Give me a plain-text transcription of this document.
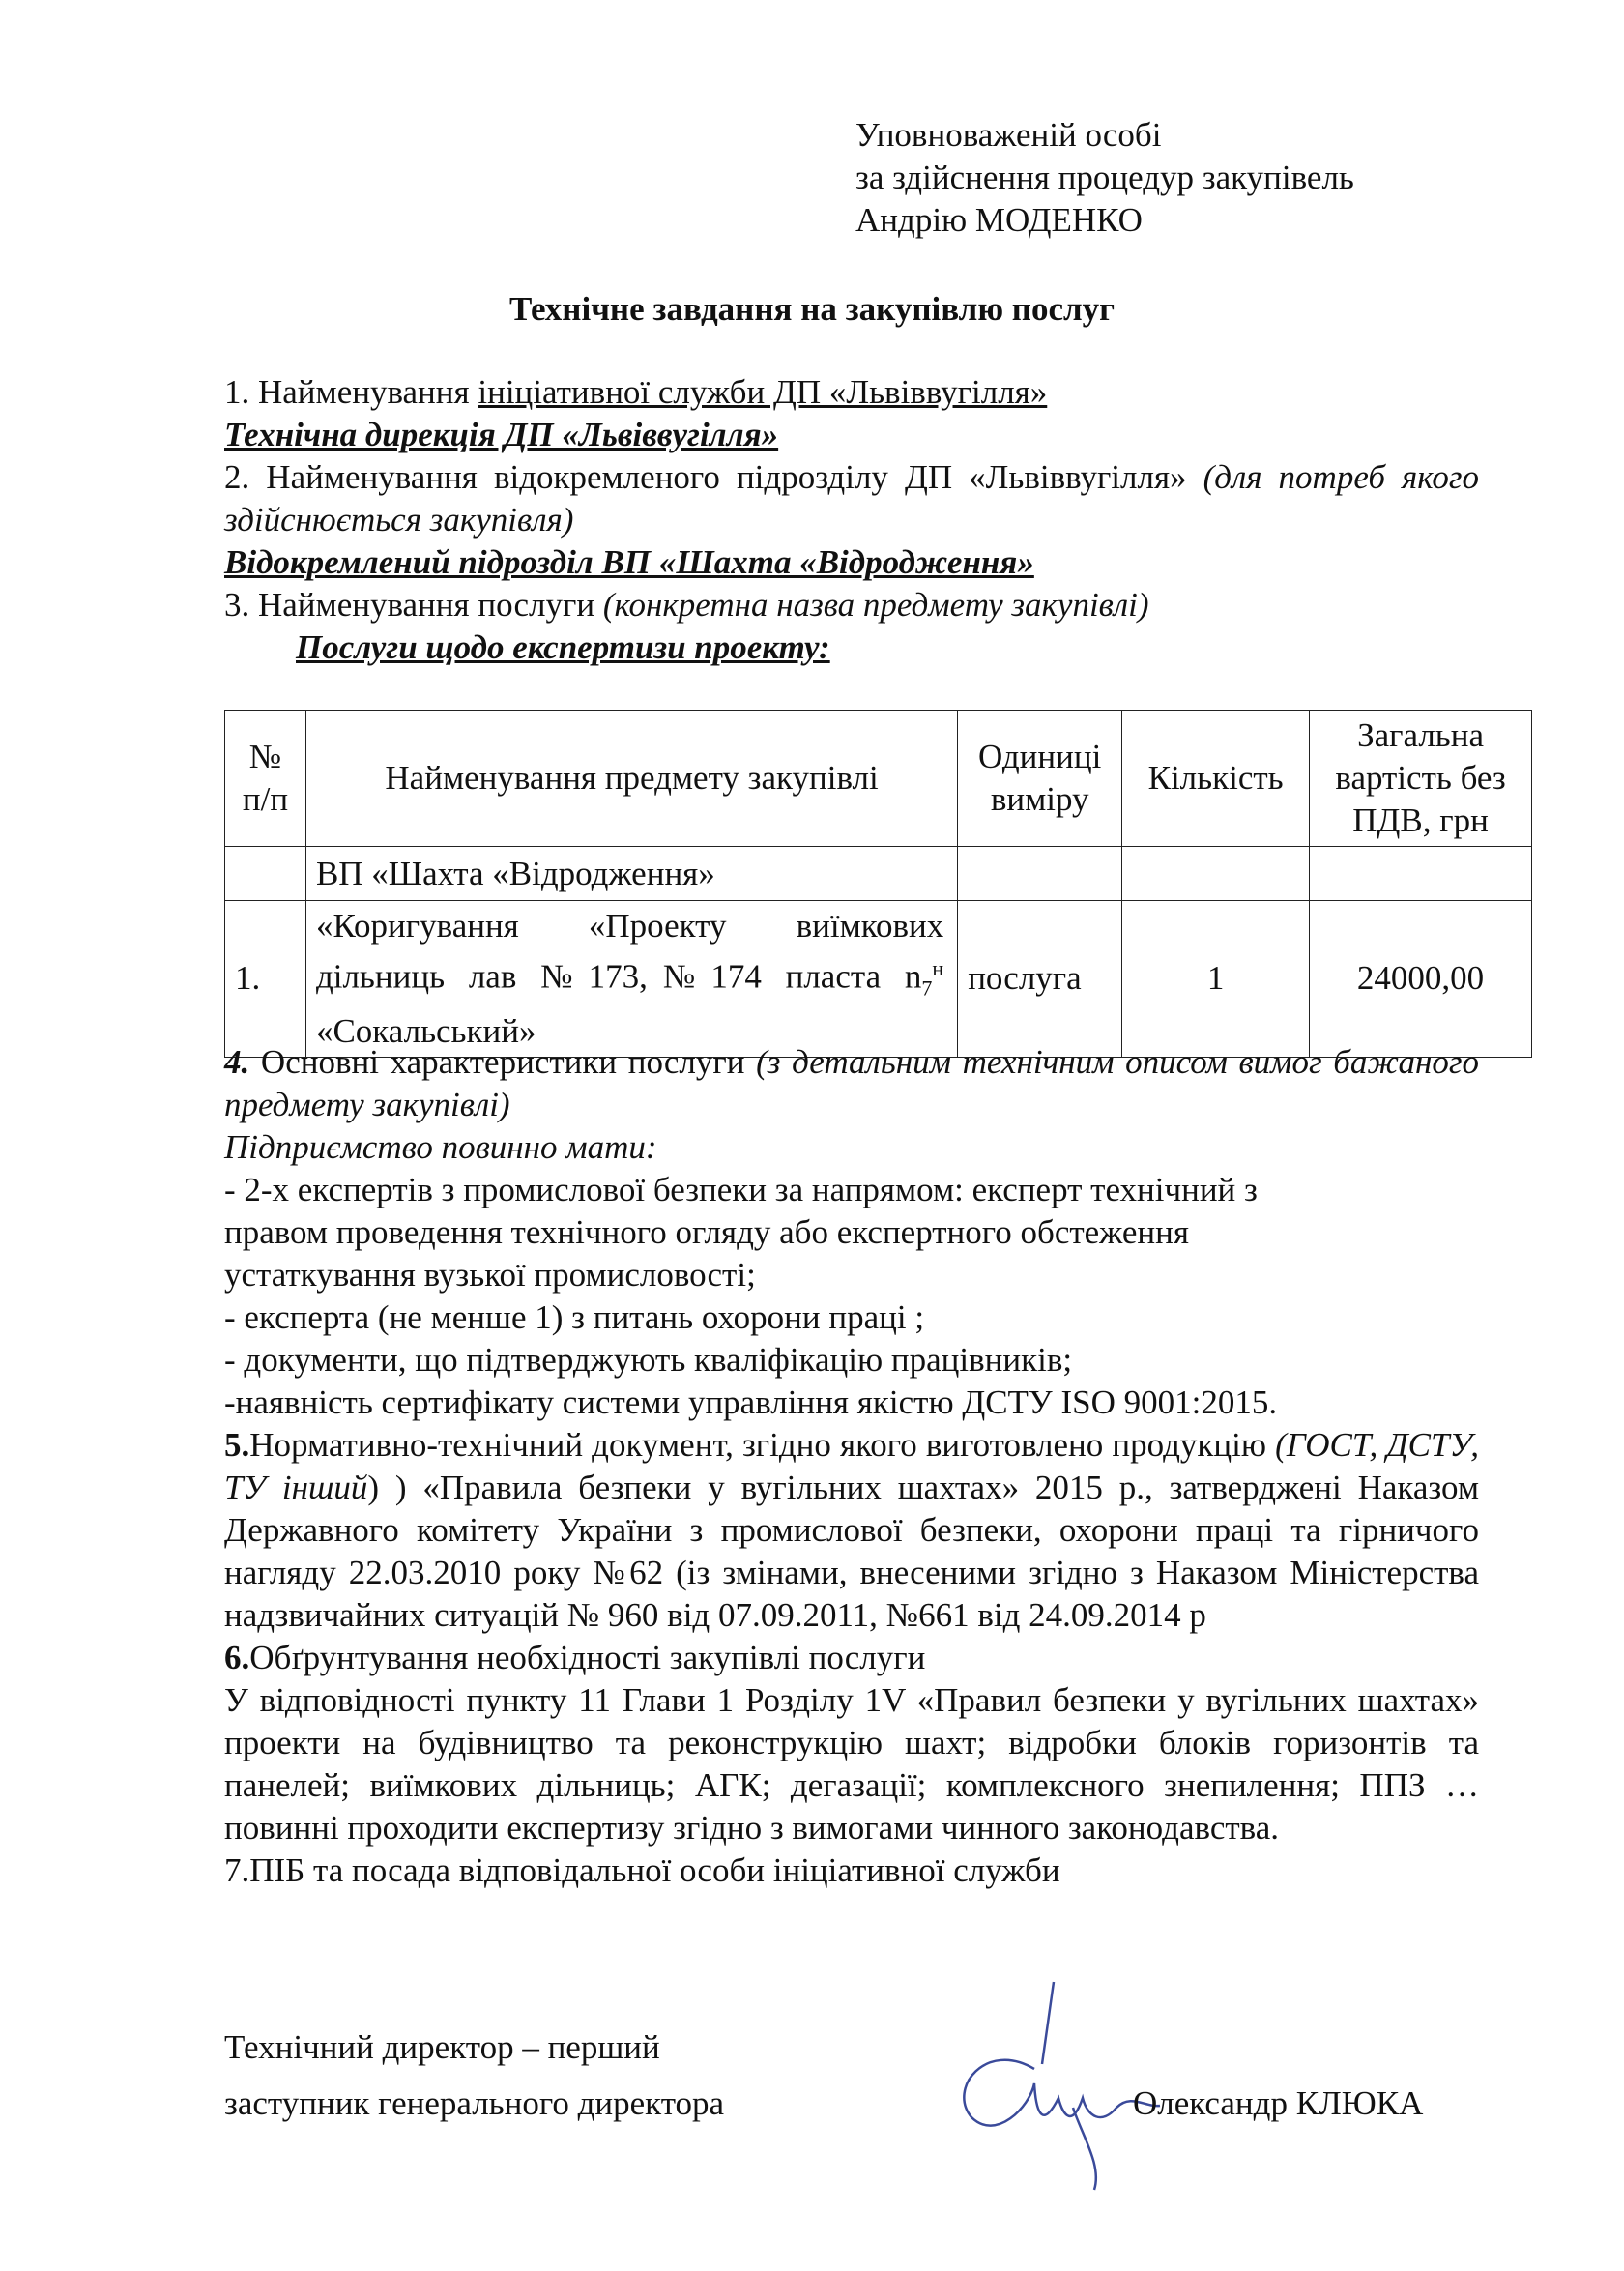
Уповноваженій особі
за здійснення процедур закупівель
Андрію МОДЕНКО
Технічне завдання на закупівлю послуг
1. Найменування ініціативної служби ДП «Львіввугілля»
Технічна дирекція ДП «Львіввугілля»
2. Найменування відокремленого підрозділу ДП «Львіввугілля» (для потреб якого здійснюється закупівля)
Відокремлений підрозділ ВП «Шахта «Відродження»
3. Найменування послуги (конкретна назва предмету закупівлі)
Послуги щодо експертизи проекту:
№ п/п	Найменування предмету закупівлі	Одиниці виміру	Кількість	Загальна вартість без ПДВ, грн
	ВП «Шахта «Відродження»			
1.	«Коригування «Проекту виїмкових дільниць лав №173,№174 пласта $n_7^н$ «Сокальський»	послуга	1	24000,00
4. Основні характеристики послуги (з детальним технічним описом вимог бажаного предмету закупівлі)
Підприємство повинно мати:
- 2-х експертів з промислової безпеки за напрямом: експерт технічний з правом проведення технічного огляду або експертного обстеження устаткування вузької промисловості;
- експерта (не менше 1) з питань охорони праці ;
- документи, що підтверджують кваліфікацію працівників;
-наявність сертифікату системи управління якістю ДСТУ ISO 9001:2015.
5.Нормативно-технічний документ, згідно якого виготовлено продукцію (ГОСТ, ДСТУ, ТУ інший) ) «Правила безпеки у вугільних шахтах» 2015 р., затверджені Наказом Державного комітету України з промислової безпеки, охорони праці та гірничого нагляду 22.03.2010 року №62 (із змінами, внесеними згідно з Наказом Міністерства надзвичайних ситуацій № 960 від 07.09.2011, №661 від 24.09.2014 р
6.Обґрунтування необхідності закупівлі послуги
У відповідності пункту 11 Глави 1 Розділу 1V «Правил безпеки у вугільних шахтах» проекти на будівництво та реконструкцію шахт; відробки блоків горизонтів та панелей; виїмкових дільниць; АГК; дегазації; комплексного знепилення; ППЗ …повинні проходити експертизу згідно з вимогами чинного законодавства.
7.ПІБ та посада відповідальної особи ініціативної служби
Технічний директор – перший
заступник генерального директора	Олександр КЛЮКА
